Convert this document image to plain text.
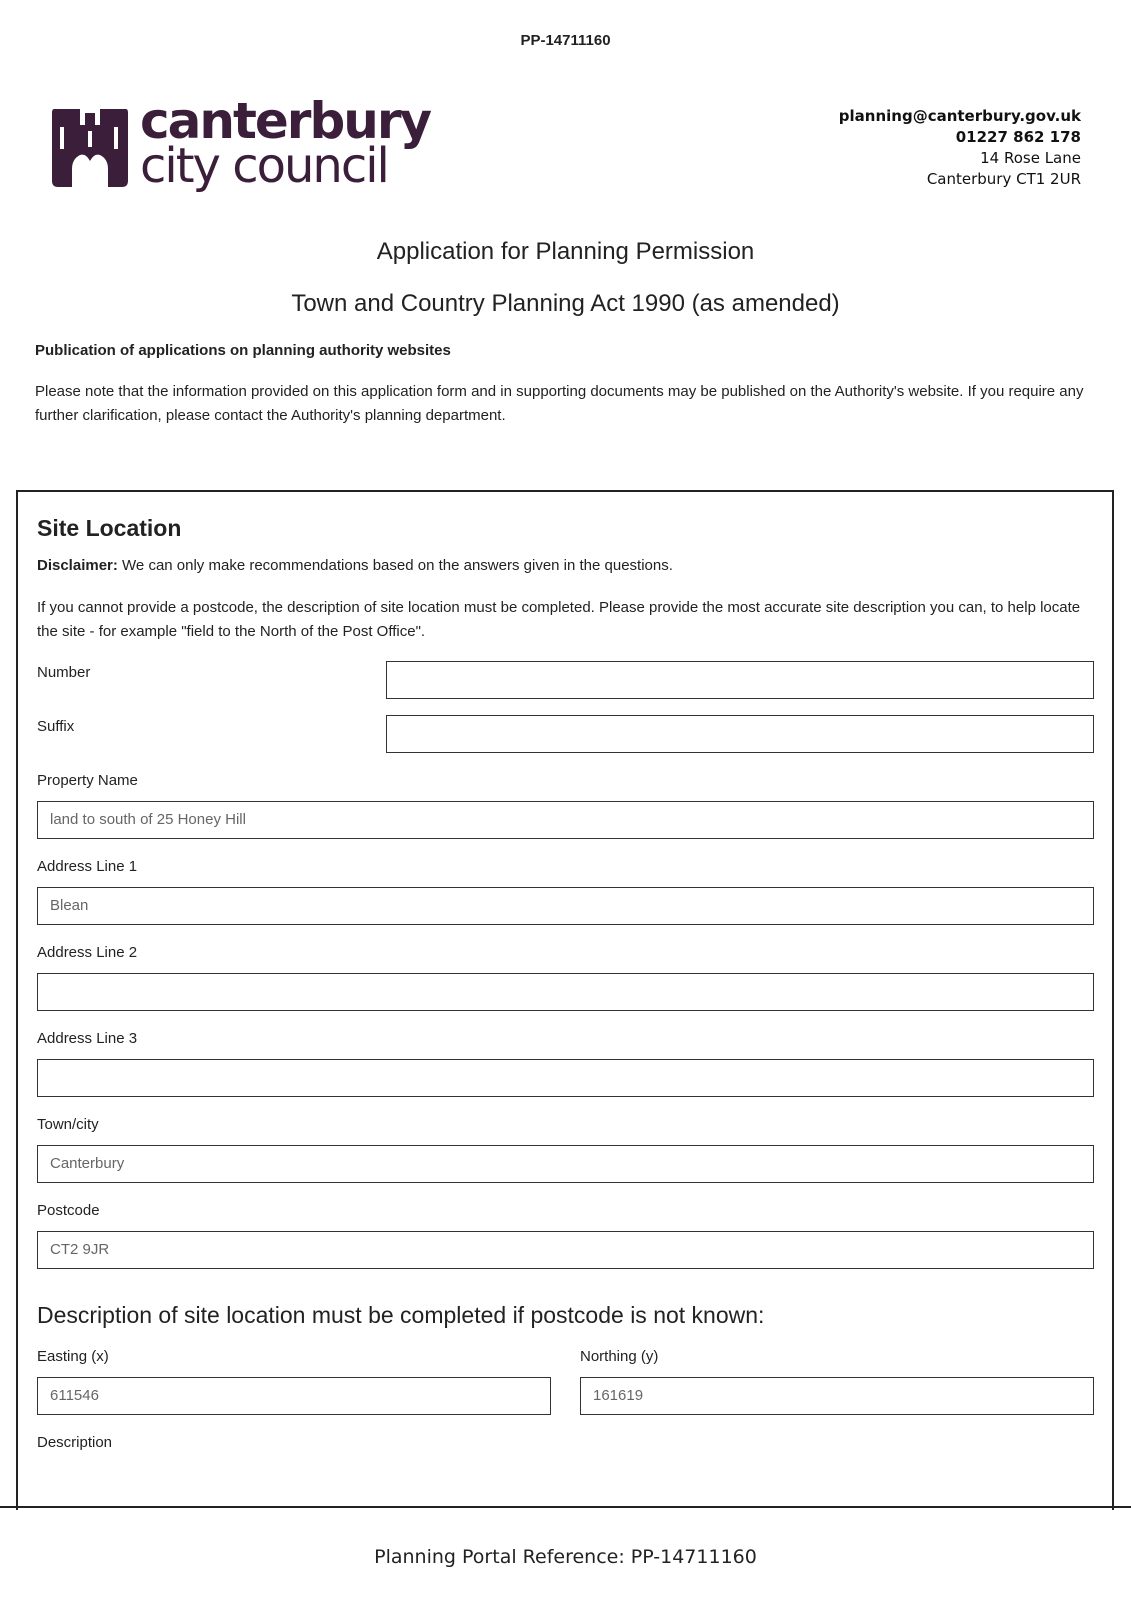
PP-14711160
canterbury
city council
planning@canterbury.gov.uk
01227 862 178
14 Rose Lane
Canterbury CT1 2UR
Application for Planning Permission
Town and Country Planning Act 1990 (as amended)
Publication of applications on planning authority websites
Please note that the information provided on this application form and in supporting documents may be published on the Authority's website. If you require any further clarification, please contact the Authority's planning department.
Site Location
Disclaimer: We can only make recommendations based on the answers given in the questions.
If you cannot provide a postcode, the description of site location must be completed. Please provide the most accurate site description you can, to help locate the site - for example "field to the North of the Post Office".
Number
Suffix
Property Name
land to south of 25 Honey Hill
Address Line 1
Blean
Address Line 2
Address Line 3
Town/city
Canterbury
Postcode
CT2 9JR
Description of site location must be completed if postcode is not known:
Easting (x)
611546
Northing (y)
161619
Description
Planning Portal Reference: PP-14711160
